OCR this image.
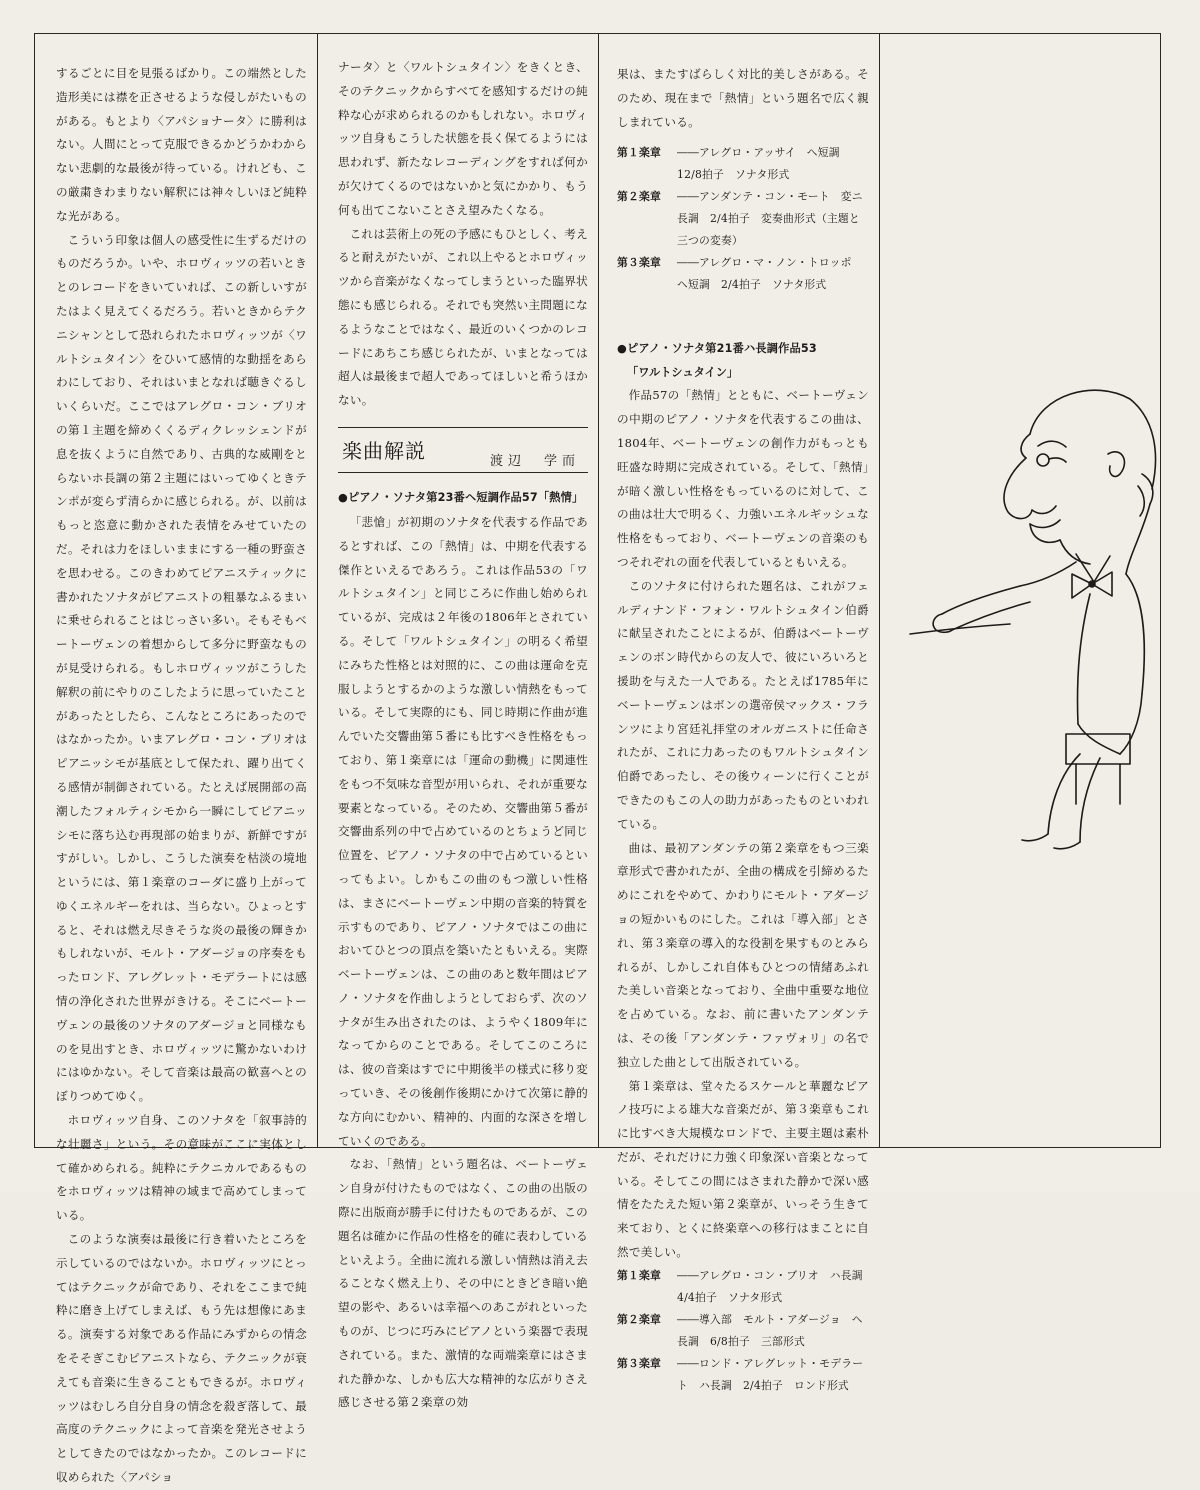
するごとに目を見張るばかり。この端然とした造形美には襟を正させるような侵しがたいものがある。もとより〈アパショナータ〉に勝利はない。人間にとって克服できるかどうかわからない悲劇的な最後が待っている。けれども、この厳粛きわまりない解釈には神々しいほど純粋な光がある。

こういう印象は個人の感受性に生ずるだけのものだろうか。いや、ホロヴィッツの若いときとのレコードをきいていれば、この新しいすがたはよく見えてくるだろう。若いときからテクニシャンとして恐れられたホロヴィッツが〈ワルトシュタイン〉をひいて感情的な動揺をあらわにしており、それはいまとなれば聴きぐるしいくらいだ。ここではアレグロ・コン・ブリオの第１主題を締めくくるディクレッシェンドが息を抜くように自然であり、古典的な威剛をとらないホ長調の第２主題にはいってゆくときテンポが変らず清らかに感じられる。が、以前はもっと恣意に動かされた表情をみせていたのだ。それは力をほしいままにする一種の野蛮さを思わせる。このきわめてピアニスティックに書かれたソナタがピアニストの粗暴なふるまいに乗せられることはじっさい多い。そもそもベートーヴェンの着想からして多分に野蛮なものが見受けられる。もしホロヴィッツがこうした解釈の前にやりのこしたように思っていたことがあったとしたら、こんなところにあったのではなかったか。いまアレグロ・コン・ブリオはピアニッシモが基底として保たれ、躍り出てくる感情が制御されている。たとえば展開部の高潮したフォルティシモから一瞬にしてピアニッシモに落ち込む再現部の始まりが、新鮮ですがすがしい。しかし、こうした演奏を枯淡の境地というには、第１楽章のコーダに盛り上がってゆくエネルギーをれは、当らない。ひょっとすると、それは燃え尽きそうな炎の最後の輝きかもしれないが、モルト・アダージョの序奏をもったロンド、アレグレット・モデラートには感情の浄化された世界がきける。そこにベートーヴェンの最後のソナタのアダージョと同様なものを見出すとき、ホロヴィッツに驚かないわけにはゆかない。そして音楽は最高の歓喜へとのぼりつめてゆく。

ホロヴィッツ自身、このソナタを「叙事詩的な壮麗さ」という。その意味がここに実体として確かめられる。純粋にテクニカルであるものをホロヴィッツは精神の域まで高めてしまっている。

このような演奏は最後に行き着いたところを示しているのではないか。ホロヴィッツにとってはテクニックが命であり、それをここまで純粋に磨き上げてしまえば、もう先は想像にあまる。演奏する対象である作品にみずからの情念をそそぎこむピアニストなら、テクニックが衰えても音楽に生きることもできるが。ホロヴィッツはむしろ自分自身の情念を殺ぎ落して、最高度のテクニックによって音楽を発光させようとしてきたのではなかったか。このレコードに収められた〈アパショ

ナータ〉と〈ワルトシュタイン〉をきくとき、そのテクニックからすべてを感知するだけの純粋な心が求められるのかもしれない。ホロヴィッツ自身もこうした状態を長く保てるようには思われず、新たなレコーディングをすれば何かが欠けてくるのではないかと気にかかり、もう何も出てこないことさえ望みたくなる。

これは芸術上の死の予感にもひとしく、考えると耐えがたいが、これ以上やるとホロヴィッツから音楽がなくなってしまうといった臨界状態にも感じられる。それでも突然い主問題になるようなことではなく、最近のいくつかのレコードにあちこち感じられたが、いまとなっては超人は最後まで超人であってほしいと希うほかない。

楽曲解説	渡辺　学而
●ピアノ・ソナタ第23番ヘ短調作品57「熱情」

「悲愴」が初期のソナタを代表する作品であるとすれば、この「熱情」は、中期を代表する傑作といえるであろう。これは作品53の「ワルトシュタイン」と同じころに作曲し始められているが、完成は２年後の1806年とされている。そして「ワルトシュタイン」の明るく希望にみちた性格とは対照的に、この曲は運命を克服しようとするかのような激しい情熱をもっている。そして実際的にも、同じ時期に作曲が進んでいた交響曲第５番にも比すべき性格をもっており、第１楽章には「運命の動機」に関連性をもつ不気味な音型が用いられ、それが重要な要素となっている。そのため、交響曲第５番が交響曲系列の中で占めているのとちょうど同じ位置を、ピアノ・ソナタの中で占めているといってもよい。しかもこの曲のもつ激しい性格は、まさにベートーヴェン中期の音楽的特質を示すものであり、ピアノ・ソナタではこの曲においてひとつの頂点を築いたともいえる。実際ベートーヴェンは、この曲のあと数年間はピアノ・ソナタを作曲しようとしておらず、次のソナタが生み出されたのは、ようやく1809年になってからのことである。そしてこのころには、彼の音楽はすでに中期後半の様式に移り変っていき、その後創作後期にかけて次第に静的な方向にむかい、精神的、内面的な深さを増していくのである。

なお、「熱情」という題名は、ベートーヴェン自身が付けたものではなく、この曲の出版の際に出版商が勝手に付けたものであるが、この題名は確かに作品の性格を的確に表わしているといえよう。全曲に流れる激しい情熱は消え去ることなく燃え上り、その中にときどき暗い絶望の影や、あるいは幸福へのあこがれといったものが、じつに巧みにピアノという楽器で表現されている。また、激情的な両端楽章にはさまれた静かな、しかも広大な精神的な広がりさえ感じさせる第２楽章の効

果は、またすばらしく対比的美しさがある。そのため、現在まで「熱情」という題名で広く親しまれている。

第１楽章	――アレグロ・アッサイ　ヘ短調　12/8拍子　ソナタ形式
第２楽章	――アンダンテ・コン・モート　変ニ長調　2/4拍子　変奏曲形式（主題と三つの変奏）
第３楽章	――アレグロ・マ・ノン・トロッポ　ヘ短調　2/4拍子　ソナタ形式
●ピアノ・ソナタ第21番ハ長調作品53
「ワルトシュタイン」

作品57の「熱情」とともに、ベートーヴェンの中期のピアノ・ソナタを代表するこの曲は、1804年、ベートーヴェンの創作力がもっとも旺盛な時期に完成されている。そして、「熱情」が暗く激しい性格をもっているのに対して、この曲は壮大で明るく、力強いエネルギッシュな性格をもっており、ベートーヴェンの音楽のもつそれぞれの面を代表しているともいえる。

このソナタに付けられた題名は、これがフェルディナンド・フォン・ワルトシュタイン伯爵に献呈されたことによるが、伯爵はベートーヴェンのボン時代からの友人で、彼にいろいろと援助を与えた一人である。たとえば1785年にベートーヴェンはボンの選帝侯マックス・フランツにより宮廷礼拝堂のオルガニストに任命されたが、これに力あったのもワルトシュタイン伯爵であったし、その後ウィーンに行くことができたのもこの人の助力があったものといわれている。

曲は、最初アンダンテの第２楽章をもつ三楽章形式で書かれたが、全曲の構成を引締めるためにこれをやめて、かわりにモルト・アダージョの短かいものにした。これは「導入部」とされ、第３楽章の導入的な役割を果すものとみられるが、しかしこれ自体もひとつの情緒あふれた美しい音楽となっており、全曲中重要な地位を占めている。なお、前に書いたアンダンテは、その後「アンダンテ・ファヴォリ」の名で独立した曲として出版されている。

第１楽章は、堂々たるスケールと華麗なピアノ技巧による雄大な音楽だが、第３楽章もこれに比すべき大規模なロンドで、主要主題は素朴だが、それだけに力強く印象深い音楽となっている。そしてこの間にはさまれた静かで深い感情をたたえた短い第２楽章が、いっそう生きて来ており、とくに終楽章への移行はまことに自然で美しい。

第１楽章	――アレグロ・コン・ブリオ　ハ長調　4/4拍子　ソナタ形式
第２楽章	――導入部　モルト・アダージョ　ヘ長調　6/8拍子　三部形式
第３楽章	――ロンド・アレグレット・モデラート　ハ長調　2/4拍子　ロンド形式
